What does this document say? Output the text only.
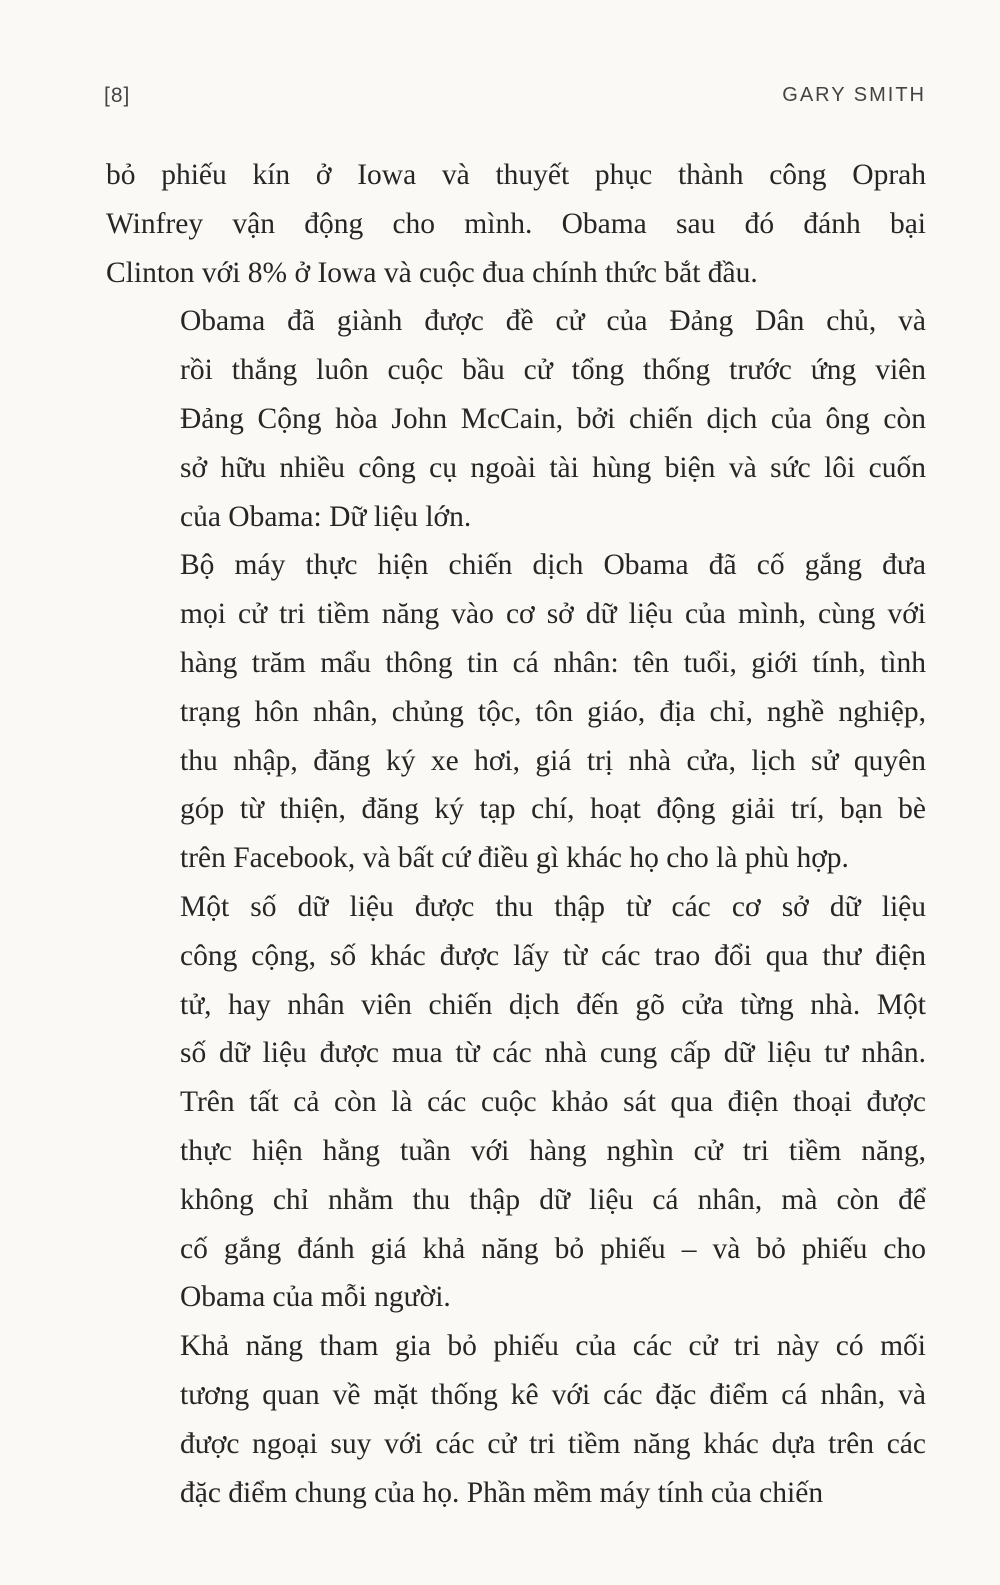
[8]	GARY SMITH

bỏ phiếu kín ở Iowa và thuyết phục thành công Oprah
Winfrey vận động cho mình. Obama sau đó đánh bại
Clinton với 8% ở Iowa và cuộc đua chính thức bắt đầu.

Obama đã giành được đề cử của Đảng Dân chủ, và
rồi thắng luôn cuộc bầu cử tổng thống trước ứng viên
Đảng Cộng hòa John McCain, bởi chiến dịch của ông còn
sở hữu nhiều công cụ ngoài tài hùng biện và sức lôi cuốn
của Obama: Dữ liệu lớn.

Bộ máy thực hiện chiến dịch Obama đã cố gắng đưa
mọi cử tri tiềm năng vào cơ sở dữ liệu của mình, cùng với
hàng trăm mẩu thông tin cá nhân: tên tuổi, giới tính, tình
trạng hôn nhân, chủng tộc, tôn giáo, địa chỉ, nghề nghiệp,
thu nhập, đăng ký xe hơi, giá trị nhà cửa, lịch sử quyên
góp từ thiện, đăng ký tạp chí, hoạt động giải trí, bạn bè
trên Facebook, và bất cứ điều gì khác họ cho là phù hợp.

Một số dữ liệu được thu thập từ các cơ sở dữ liệu
công cộng, số khác được lấy từ các trao đổi qua thư điện
tử, hay nhân viên chiến dịch đến gõ cửa từng nhà. Một
số dữ liệu được mua từ các nhà cung cấp dữ liệu tư nhân.
Trên tất cả còn là các cuộc khảo sát qua điện thoại được
thực hiện hằng tuần với hàng nghìn cử tri tiềm năng,
không chỉ nhằm thu thập dữ liệu cá nhân, mà còn để
cố gắng đánh giá khả năng bỏ phiếu – và bỏ phiếu cho
Obama của mỗi người.

Khả năng tham gia bỏ phiếu của các cử tri này có mối
tương quan về mặt thống kê với các đặc điểm cá nhân, và
được ngoại suy với các cử tri tiềm năng khác dựa trên các
đặc điểm chung của họ. Phần mềm máy tính của chiến
